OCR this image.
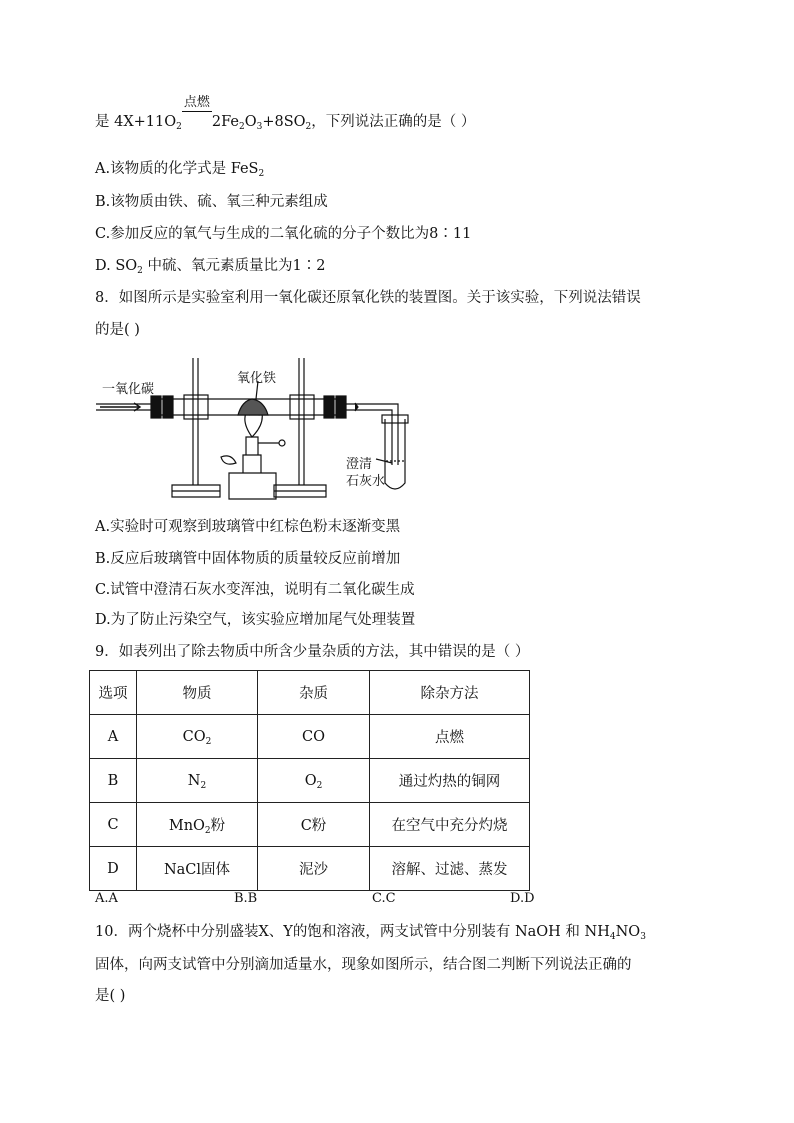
是 $4X+11O_2$
点燃
$2Fe_2O_3+8SO_2$，下列说法正确的是（ ）
A.该物质的化学式是 FeS$_2$
B.该物质由铁、硫、氧三种元素组成
C.参加反应的氧气与生成的二氧化硫的分子个数比为8∶11
D. $SO_2$ 中硫、氧元素质量比为1∶2
8．如图所示是实验室利用一氧化碳还原氧化铁的装置图。关于该实验，下列说法错误
的是( )
一氧化碳
氧化铁
澄清
石灰水
A.实验时可观察到玻璃管中红棕色粉末逐渐变黑
B.反应后玻璃管中固体物质的质量较反应前增加
C.试管中澄清石灰水变浑浊，说明有二氧化碳生成
D.为了防止污染空气，该实验应增加尾气处理装置
9．如表列出了除去物质中所含少量杂质的方法，其中错误的是（ ）
选项	物质	杂质	除杂方法
A	$CO_2$	CO	点燃
B	$N_2$	$O_2$	通过灼热的铜网
C	MnO$_2$粉	C粉	在空气中充分灼烧
D	NaCl固体	泥沙	溶解、过滤、蒸发
A.A	B.B	C.C	D.D
10．两个烧杯中分别盛装X、Y的饱和溶液，两支试管中分别装有 NaOH 和 $NH_4NO_3$
固体，向两支试管中分别滴加适量水，现象如图所示，结合图二判断下列说法正确的
是( )
